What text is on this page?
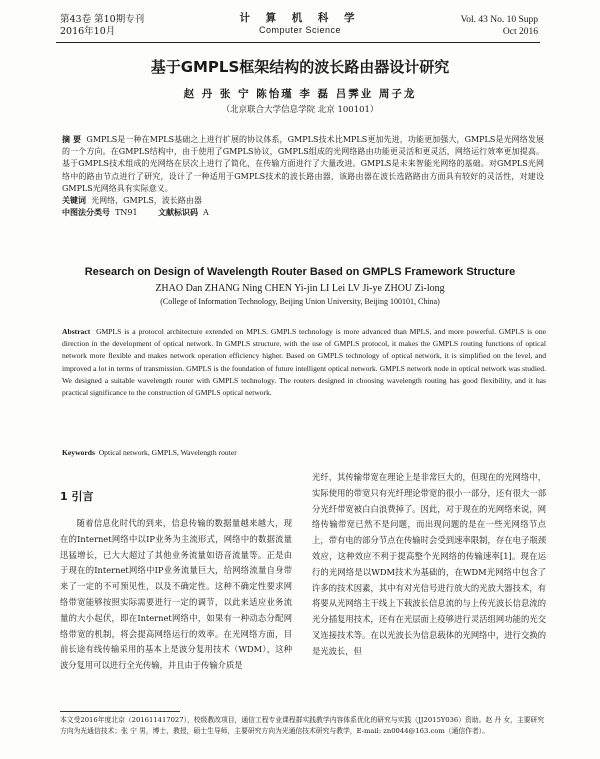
第43卷 第10期专刊
2016年10月
计 算 机 科 学
Computer Science
Vol. 43 No. 10 Supp
Oct 2016
基于GMPLS框架结构的波长路由器设计研究
赵 丹 张 宁 陈怡瑾 李 磊 吕霁业 周子龙
（北京联合大学信息学院 北京 100101）
摘 要 GMPLS是一种在MPLS基础之上进行扩展的协议体系，GMPLS技术比MPLS更加先进，功能更加强大，GMPLS是光网络发展的一个方向。在GMPLS结构中，由于使用了GMPLS协议，GMPLS组成的光网络路由功能更灵活和更灵活，网络运行效率更加提高。基于GMPLS技术组成的光网络在层次上进行了简化，在传输方面进行了大量改进。GMPLS是未来智能光网络的基础。对GMPLS光网络中的路由节点进行了研究，设计了一种适用于GMPLS技术的波长路由器，该路由器在波长选路路由方面具有较好的灵活性，对建设GMPLS光网络具有实际意义。
关键词 光网络，GMPLS，波长路由器
中图法分类号 TN91	文献标识码 A
Research on Design of Wavelength Router Based on GMPLS Framework Structure
ZHAO Dan ZHANG Ning CHEN Yi-jin LI Lei LV Ji-ye ZHOU Zi-long
(College of Information Technology, Beijing Union University, Beijing 100101, China)
Abstract GMPLS is a protocol architecture extended on MPLS. GMPLS technology is more advanced than MPLS, and more powerful. GMPLS is one direction in the development of optical network. In GMPLS structure, with the use of GMPLS protocol, it makes the GMPLS routing functions of optical network more flexible and makes network operation efficiency higher. Based on GMPLS technology of optical network, it is simplified on the level, and improved a lot in terms of transmission. GMPLS is the foundation of future intelligent optical network. GMPLS network node in optical network was studied. We designed a suitable wavelength router with GMPLS technology. The routers designed in choosing wavelength routing has good flexibility, and it has practical significance to the construction of GMPLS optical network.
Keywords Optical network, GMPLS, Wavelength router
1 引言

随着信息化时代的到来，信息传输的数据量越来越大，现在的Internet网络中以IP业务为主流形式，网络中的数据流量迅猛增长，已大大超过了其他业务流量如语音流量等。正是由于现在的Internet网络中IP业务流量巨大，给网络流量自身带来了一定的不可预见性，以及不确定性。这种不确定性要求网络带宽能够按照实际需要进行一定的调节，以此来适应业务流量的大小起伏，即在Internet网络中，如果有一种动态分配网络带宽的机制，将会提高网络运行的效率。在光网络方面，目前长途有线传输采用的基本上是波分复用技术（WDM），这种波分复用可以进行全光传输，并且由于传输介质是

光纤，其传输带宽在理论上是非常巨大的，但现在的光网络中，实际使用的带宽只有光纤理论带宽的很小一部分，还有很大一部分光纤带宽被白白浪费掉了。因此，对于现在的光网络来说，网络传输带宽已然不是问题，而出现问题的是在一些光网络节点上，带有电的部分节点在传输时会受到速率限制，存在电子瓶颈效应，这种效应不利于提高整个光网络的传输速率[1]。现在运行的光网络是以WDM技术为基础的，在WDM光网络中包含了许多的技术因素，其中有对光信号进行放大的光放大器技术，有将要从光网络主干线上下载波长信息流的与上传光波长信息流的光分插复用技术，还有在光层面上疫够进行灵活组网功能的光交叉连接技术等。在以光波长为信息载体的光网络中，进行交换的是光波长，但

本文受2016年度北京（201611417027），校级教改项目，通信工程专业课程群实践教学内容体系优化的研究与实践（JJ2015Y036）资助。赵 丹 女，主要研究方向为光通信技术；张 宁 男，博士，教授，硕士生导师，主要研究方向为光通信技术研究与教学，E-mail: zn0044@163.com（通信作者）。
